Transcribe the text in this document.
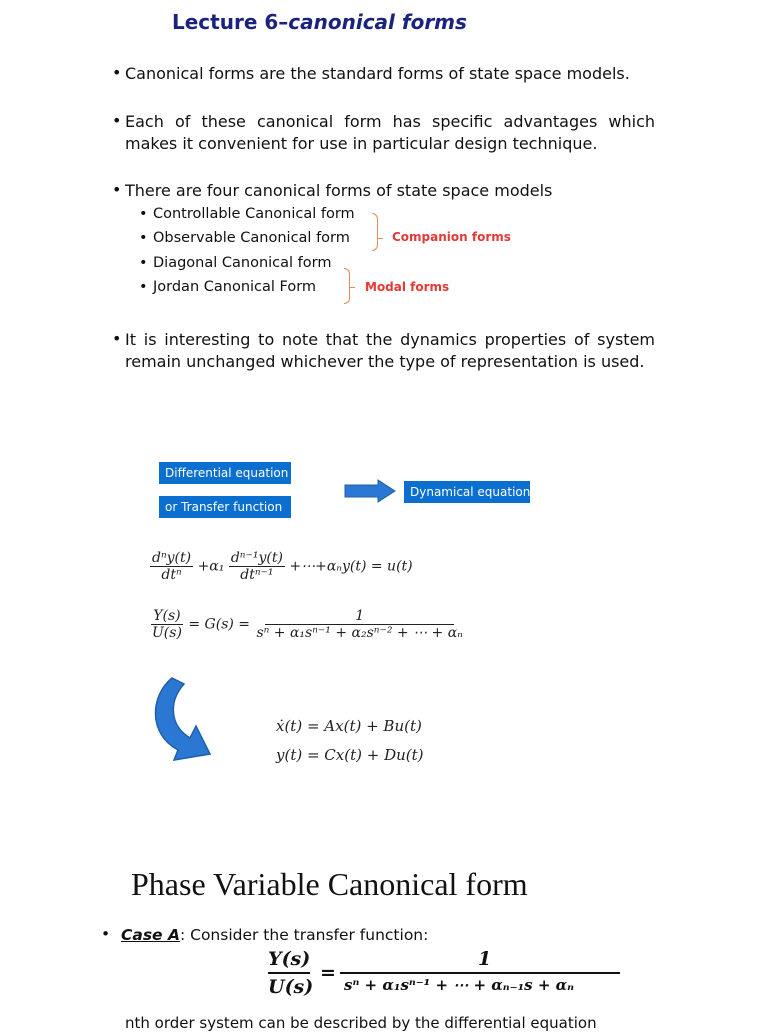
Lecture 6–canonical forms
• Canonical forms are the standard forms of state space models.
• Each of these canonical form has specific advantages which
makes it convenient for use in particular design technique.
• There are four canonical forms of state space models
• Controllable Canonical form
• Observable Canonical form
• Diagonal Canonical form
• Jordan Canonical Form
Companion forms
Modal forms
• It is interesting to note that the dynamics properties of system
remain unchanged whichever the type of representation is used.
Differential equation
or Transfer function
Dynamical equation
$\frac{\text{dⁿy(t)}}{\text{dtⁿ}} +\alpha_1 \frac{\text{dⁿ⁻¹y(t)}}{\text{dtⁿ⁻¹}}$ +⋯+αₙy(t) = u(t)
$\frac{Y(s)}{U(s)} = G(s) = \frac{1}{\text{sⁿ + α₁sⁿ⁻¹ + α₂sⁿ⁻² + ⋯ + αₙ}}$
ẋ(t) = Ax(t) + Bu(t)
y(t) = Cx(t) + Du(t)
Phase Variable Canonical form
• Case A: Consider the transfer function:
Y(s)
U(s)
=
1
sⁿ + α₁sⁿ⁻¹ + ⋯ + αₙ₋₁s + αₙ
nth order system can be described by the differential equation
